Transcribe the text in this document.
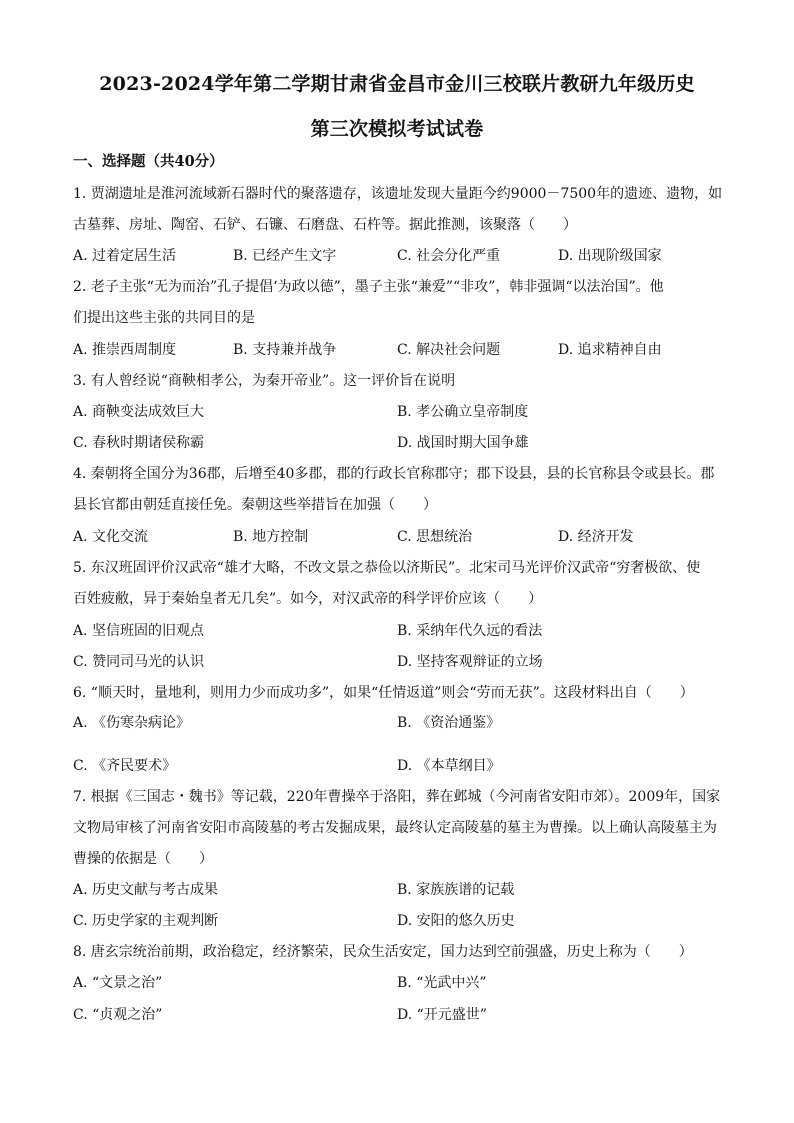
2023-2024学年第二学期甘肃省金昌市金川三校联片教研九年级历史
第三次模拟考试试卷
一、选择题（共40分）
1. 贾湖遗址是淮河流域新石器时代的聚落遗存，该遗址发现大量距今约9000－7500年的遗迹、遗物，如
古墓葬、房址、陶窑、石铲、石镰、石磨盘、石杵等。据此推测，该聚落（　　）
A. 过着定居生活	B. 已经产生文字	C. 社会分化严重	D. 出现阶级国家
2. 老子主张“无为而治”孔子提倡‘为政以德”，墨子主张“兼爱”“非攻”，韩非强调“以法治国”。他
们提出这些主张的共同目的是
A. 推崇西周制度	B. 支持兼并战争	C. 解决社会问题	D. 追求精神自由
3. 有人曾经说“商鞅相孝公，为秦开帝业”。这一评价旨在说明
A. 商鞅变法成效巨大	B. 孝公确立皇帝制度
C. 春秋时期诸侯称霸	D. 战国时期大国争雄
4. 秦朝将全国分为36郡，后增至40多郡，郡的行政长官称郡守；郡下设县，县的长官称县令或县长。郡
县长官都由朝廷直接任免。秦朝这些举措旨在加强（　　）
A. 文化交流	B. 地方控制	C. 思想统治	D. 经济开发
5. 东汉班固评价汉武帝“雄才大略，不改文景之恭俭以济斯民”。北宋司马光评价汉武帝“穷奢极欲、使
百姓疲敝，异于秦始皇者无几矣”。如今，对汉武帝的科学评价应该（　　）
A. 坚信班固的旧观点	B. 采纳年代久远的看法
C. 赞同司马光的认识	D. 坚持客观辩证的立场
6. “顺天时，量地利，则用力少而成功多”，如果“任情返道”则会“劳而无获”。这段材料出自（　　）
A. 《伤寒杂病论》	B. 《资治通鉴》
C. 《齐民要术》	D. 《本草纲目》
7. 根据《三国志・魏书》等记载，220年曹操卒于洛阳，葬在邺城（今河南省安阳市郊）。2009年，国家
文物局审核了河南省安阳市高陵墓的考古发掘成果，最终认定高陵墓的墓主为曹操。以上确认高陵墓主为
曹操的依据是（　　）
A. 历史文献与考古成果	B. 家族族谱的记载
C. 历史学家的主观判断	D. 安阳的悠久历史
8. 唐玄宗统治前期，政治稳定，经济繁荣，民众生活安定，国力达到空前强盛，历史上称为（　　）
A. “文景之治”	B. “光武中兴”
C. “贞观之治”	D. “开元盛世”
